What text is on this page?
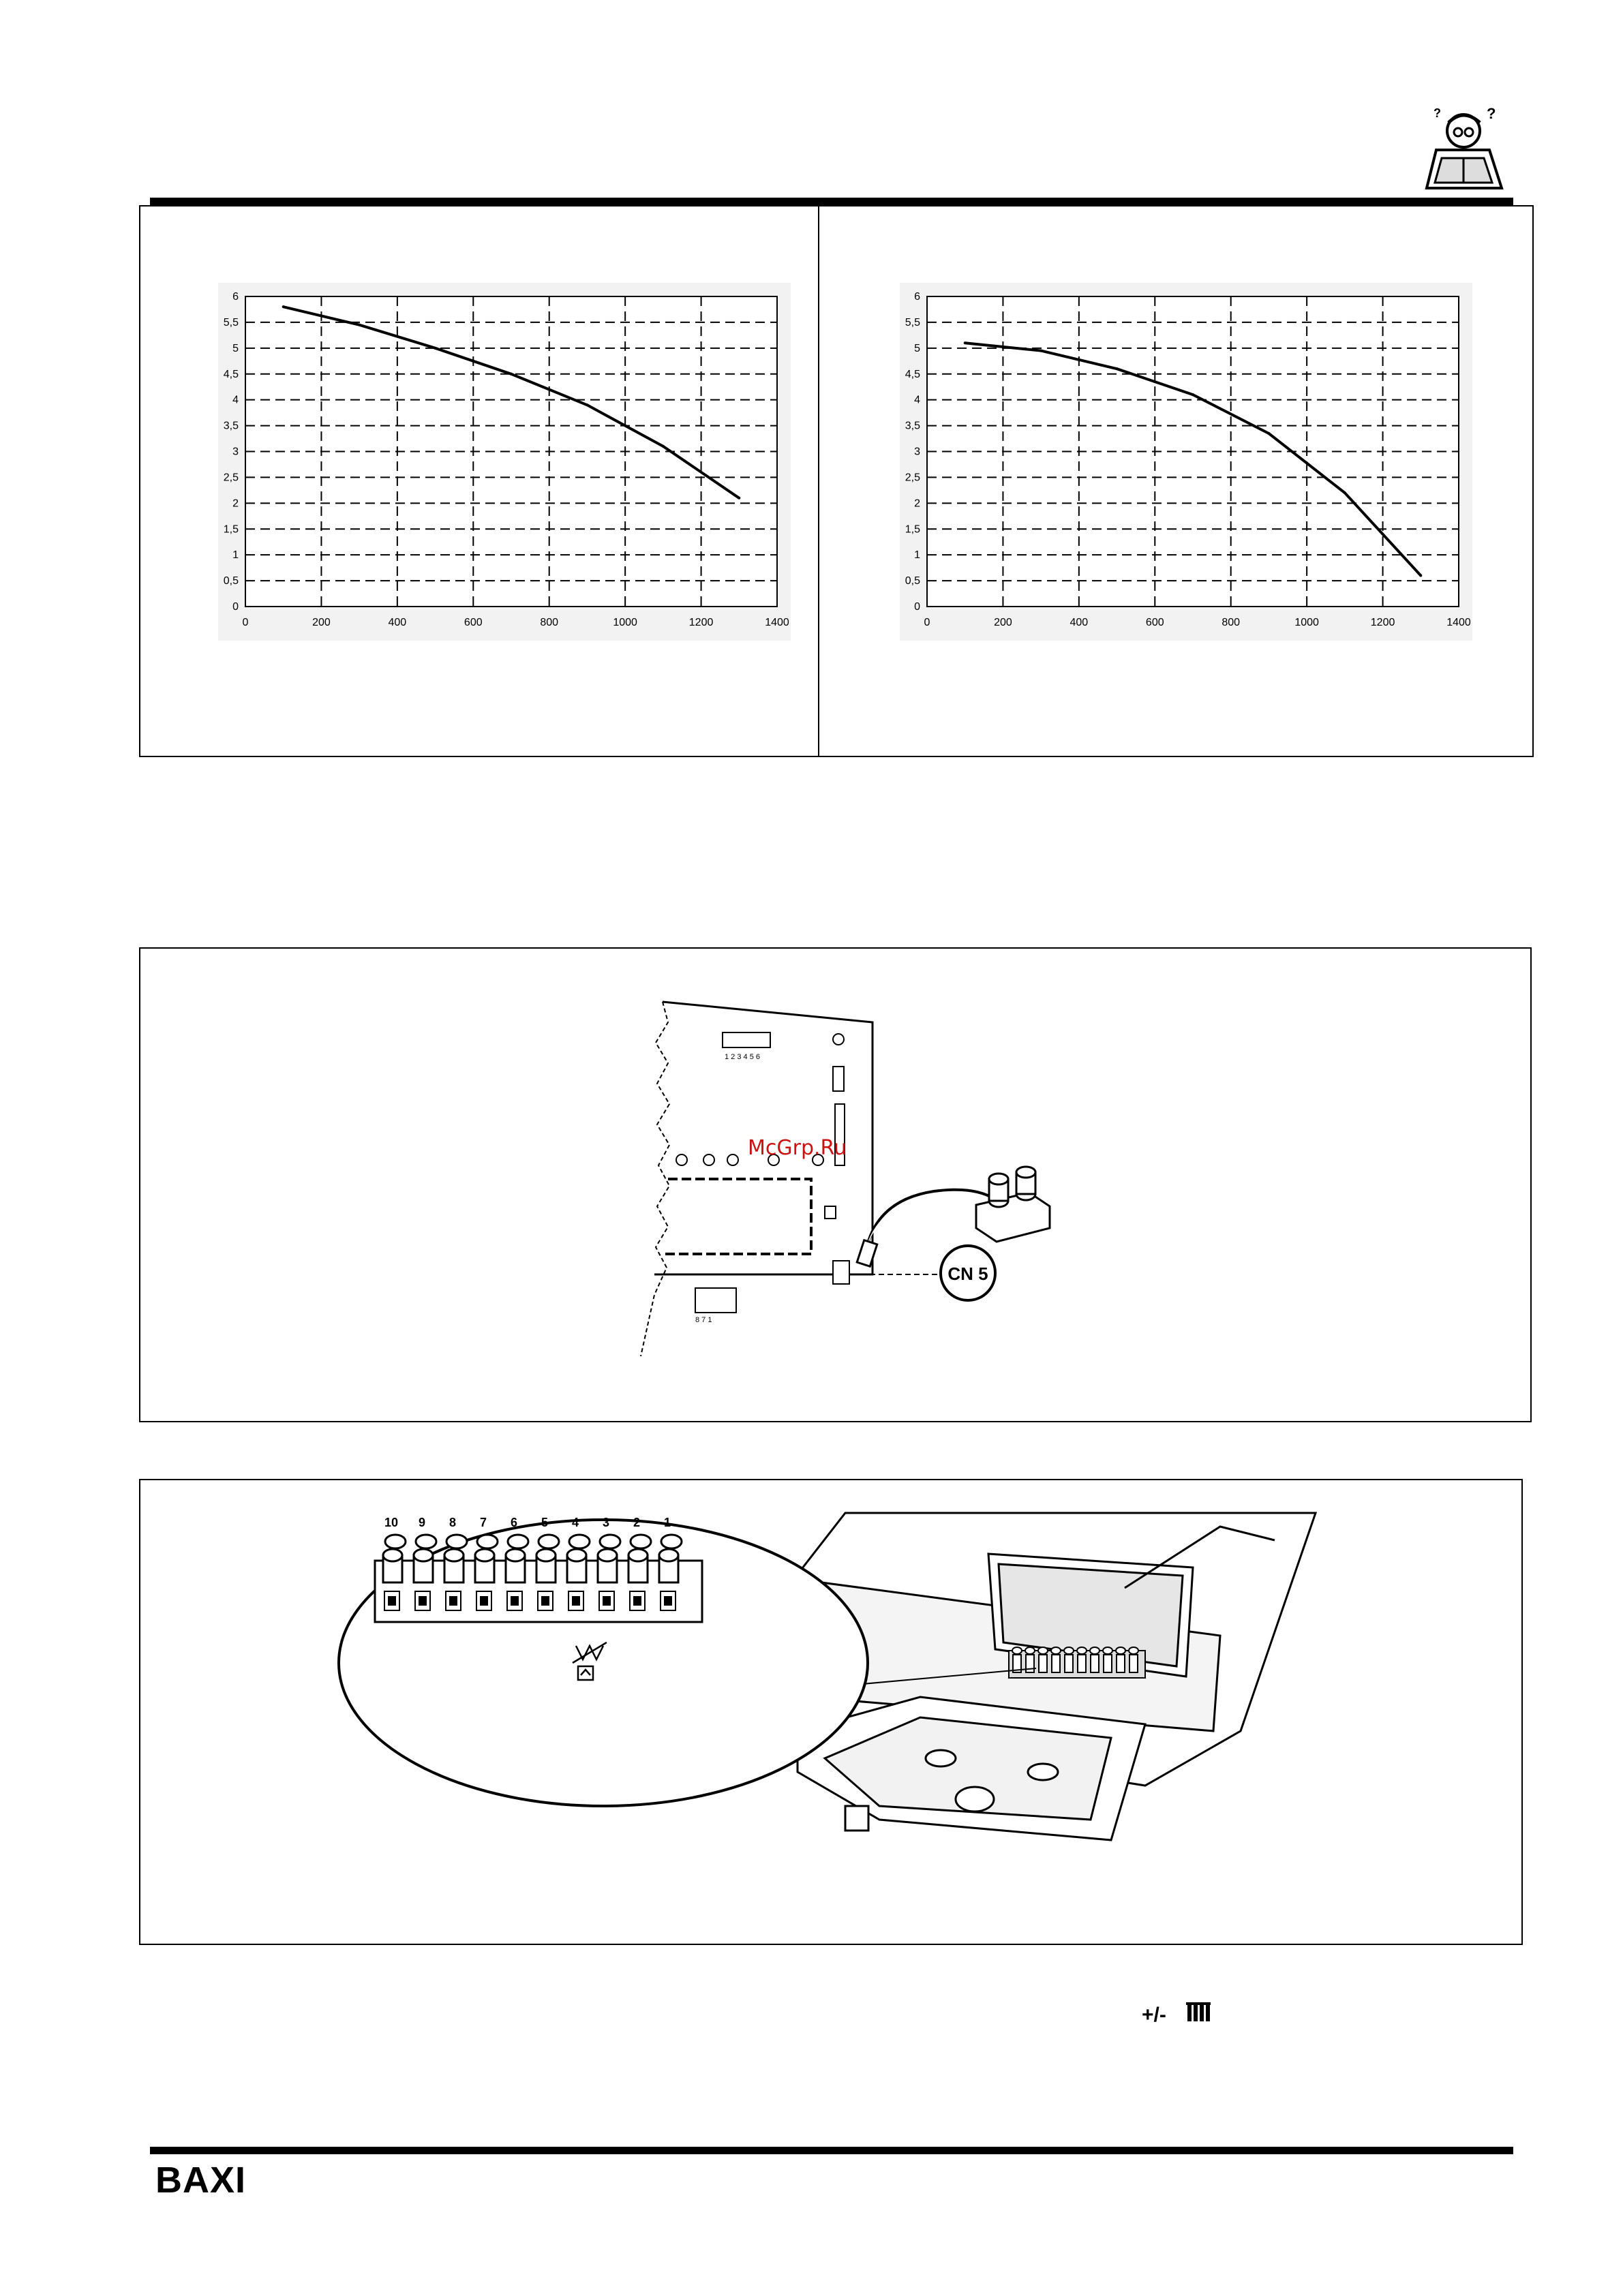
?
?
0
0,5
1
1,5
2
2,5
3
3,5
4
4,5
5
5,5
6
0	200	400	600	800	1000	1200	1400
0
0,5
1
1,5
2
2,5
3
3,5
4
4,5
5
5,5
6
0	200	400	600	800	1000	1200	1400
1 2 3 4 5 6
8 7 1
CN 5
McGrp.Ru
10 9 8 7 6 5 4 3 2 1
+/-
BAXI
